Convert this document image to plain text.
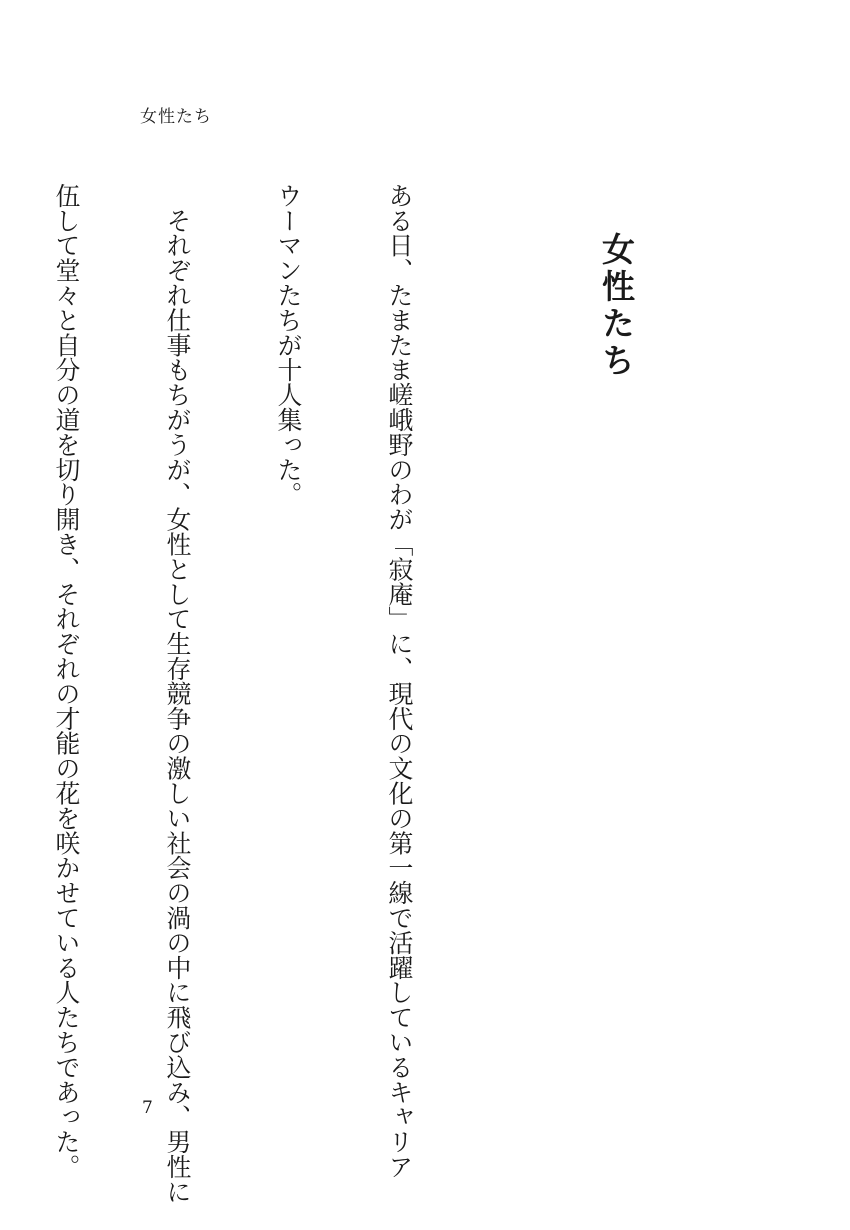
女性たち
女性たち

ある日、たまたま嵯峨野のわが「寂庵」に、現代の文化の第一線で活躍しているキャリア

ウーマンたちが十人集った。

　それぞれ仕事もちがうが、女性として生存競争の激しい社会の渦の中に飛び込み、男性に

伍して堂々と自分の道を切り開き、それぞれの才能の花を咲かせている人たちであった。

	7
